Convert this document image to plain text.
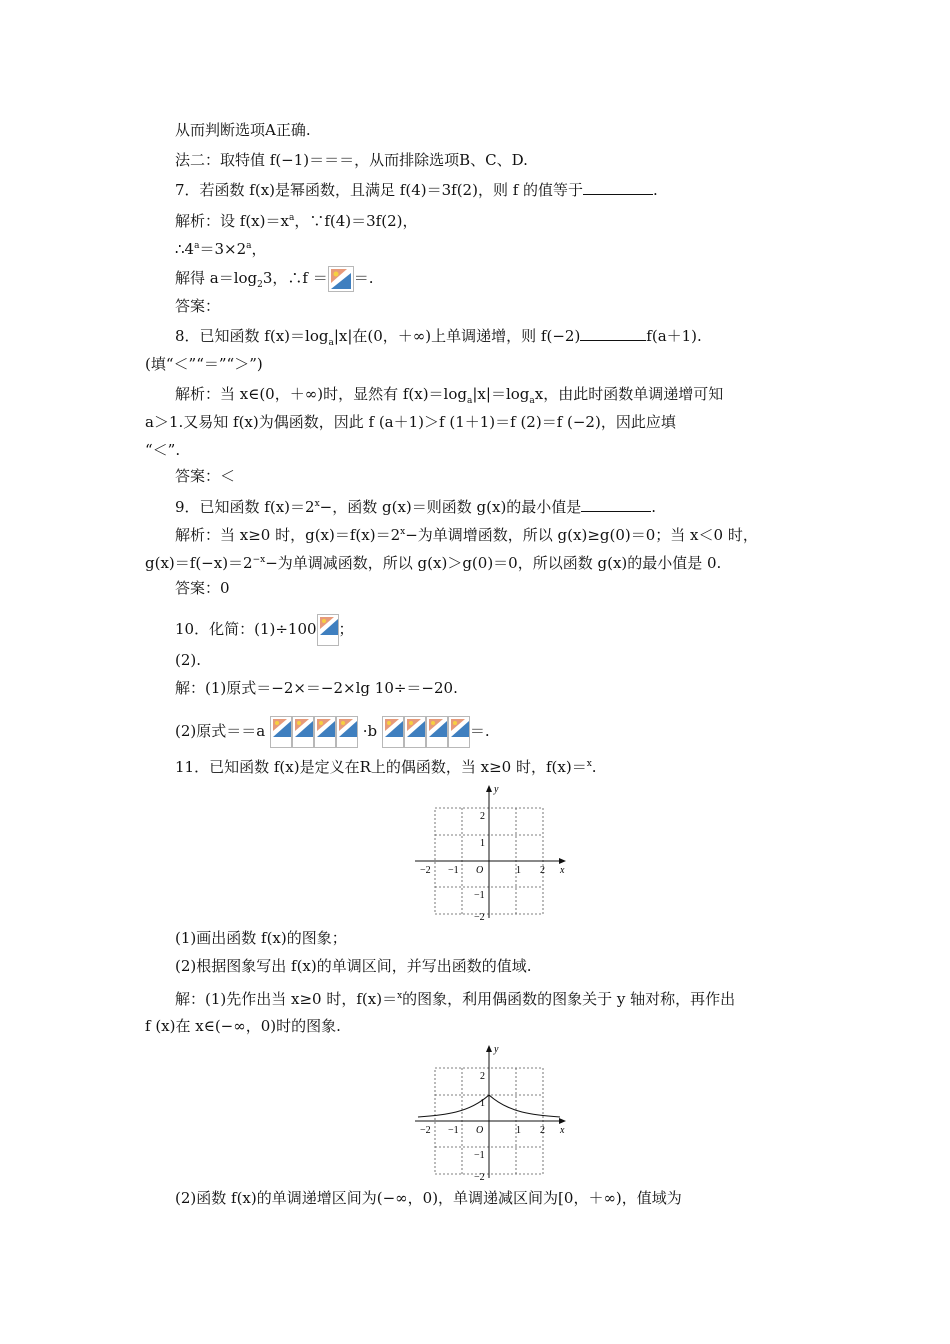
从而判断选项A正确.
法二：取特值 f(−1)＝＝＝，从而排除选项B、C、D.
7．若函数 f(x)是幂函数，且满足 f(4)＝3f(2)，则 f 的值等于	.
解析：设 $f(x)=x^a$，∵f(4)＝3f(2)，
$\therefore 4^a=3\times 2^a$，
解得 $a=\log_23$，∴f ＝ ＝.
答案：
8．已知函数 $f(x)=\log_a|x|$在(0，＋∞)上单调递增，则 f(−2)	f(a＋1).
(填“＜”“＝”“＞”)
解析：当 x∈(0，＋∞)时，显然有 $f(x)=\log_a|x|=\log_ax$，由此时函数单调递增可知
a＞1.又易知 f(x)为偶函数，因此 f (a＋1)＞f (1＋1)＝f (2)＝f (−2)，因此应填
“＜”.
答案：＜
9．已知函数 $f(x)=2^x-$，函数 g(x)＝则函数 g(x)的最小值是	.
解析：当 x≥0 时，$g(x)=f(x)=2^x-$为单调增函数，所以 g(x)≥g(0)＝0；当 x＜0 时，
$g(x)=f(-x)=2^{-x}-$为单调减函数，所以 g(x)＞g(0)＝0，所以函数 g(x)的最小值是 0.
答案：0
10．化简：(1)÷100 ；
(2).
解：(1)原式＝−2×＝−2×lg 10÷＝−20.
(2)原式＝＝a	·b	＝.
11．已知函数 f(x)是定义在R上的偶函数，当 x≥0 时，f(x)＝$^x$.
y
x
O
2
1
−1
−2
−2 −1	1 2
(1)画出函数 f(x)的图象；
(2)根据图象写出 f(x)的单调区间，并写出函数的值域.
解：(1)先作出当 x≥0 时，f(x)＝$^x$的图象，利用偶函数的图象关于 y 轴对称，再作出
f (x)在 x∈(−∞，0)时的图象.
y
x
O
2
1
−1
−2
−2 −1	1 2
(2)函数 f(x)的单调递增区间为(−∞，0)，单调递减区间为[0，＋∞)，值域为
